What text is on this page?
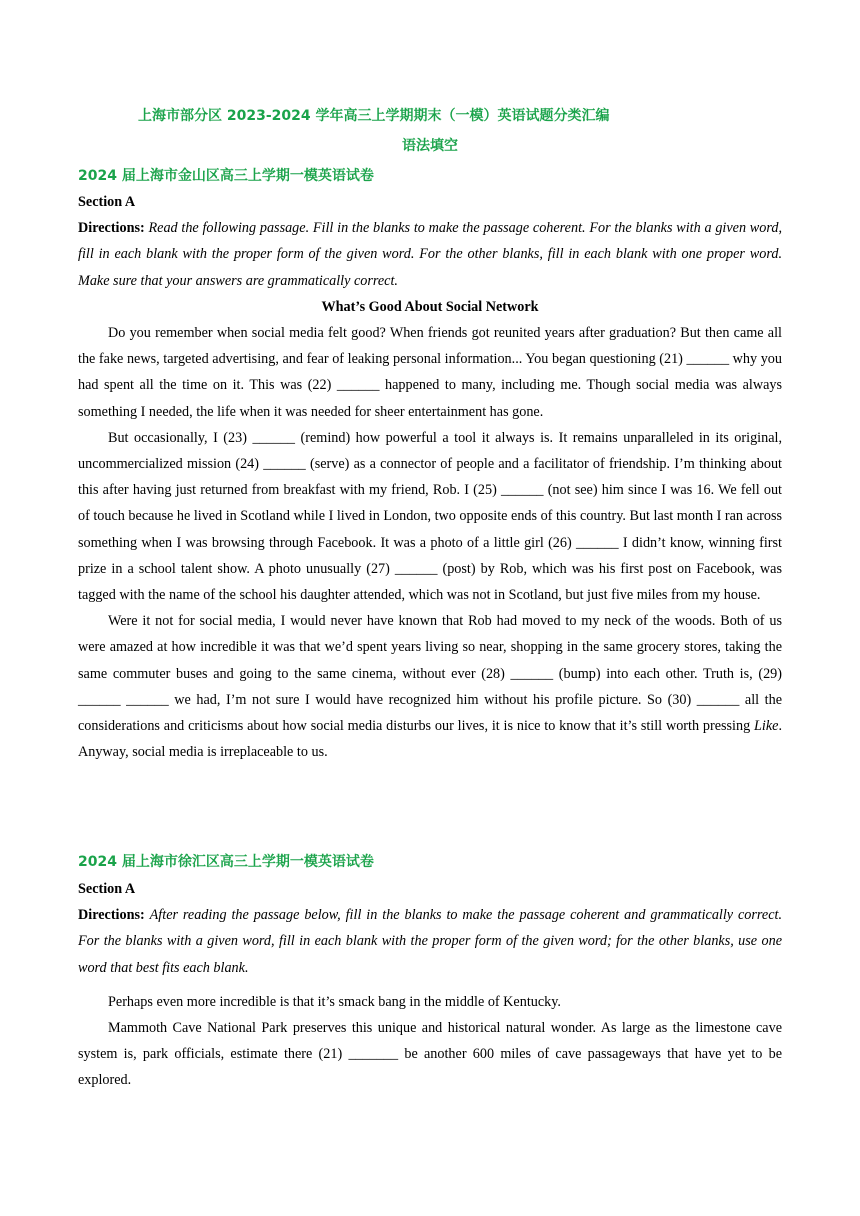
上海市部分区 2023-2024 学年高三上学期期末（一模）英语试题分类汇编
语法填空
2024 届上海市金山区高三上学期一模英语试卷

Section A

Directions: Read the following passage. Fill in the blanks to make the passage coherent. For the blanks with a given word, fill in each blank with the proper form of the given word. For the other blanks, fill in each blank with one proper word. Make sure that your answers are grammatically correct.

What’s Good About Social Network

Do you remember when social media felt good? When friends got reunited years after graduation? But then came all the fake news, targeted advertising, and fear of leaking personal information... You began questioning (21) ______ why you had spent all the time on it. This was (22) ______ happened to many, including me. Though social media was always something I needed, the life when it was needed for sheer entertainment has gone.

But occasionally, I (23) ______ (remind) how powerful a tool it always is. It remains unparalleled in its original, uncommercialized mission (24) ______ (serve) as a connector of people and a facilitator of friendship. I’m thinking about this after having just returned from breakfast with my friend, Rob. I (25) ______ (not see) him since I was 16. We fell out of touch because he lived in Scotland while I lived in London, two opposite ends of this country. But last month I ran across something when I was browsing through Facebook. It was a photo of a little girl (26) ______ I didn’t know, winning first prize in a school talent show. A photo unusually (27) ______ (post) by Rob, which was his first post on Facebook, was tagged with the name of the school his daughter attended, which was not in Scotland, but just five miles from my house.

Were it not for social media, I would never have known that Rob had moved to my neck of the woods. Both of us were amazed at how incredible it was that we’d spent years living so near, shopping in the same grocery stores, taking the same commuter buses and going to the same cinema, without ever (28) ______ (bump) into each other. Truth is, (29) ______ ______ we had, I’m not sure I would have recognized him without his profile picture. So (30) ______ all the considerations and criticisms about how social media disturbs our lives, it is nice to know that it’s still worth pressing Like. Anyway, social media is irreplaceable to us.

2024 届上海市徐汇区高三上学期一模英语试卷

Section A

Directions: After reading the passage below, fill in the blanks to make the passage coherent and grammatically correct. For the blanks with a given word, fill in each blank with the proper form of the given word; for the other blanks, use one word that best fits each blank.

Perhaps even more incredible is that it’s smack bang in the middle of Kentucky.

Mammoth Cave National Park preserves this unique and historical natural wonder. As large as the limestone cave system is, park officials, estimate there (21) _______ be another 600 miles of cave passageways that have yet to be explored.
